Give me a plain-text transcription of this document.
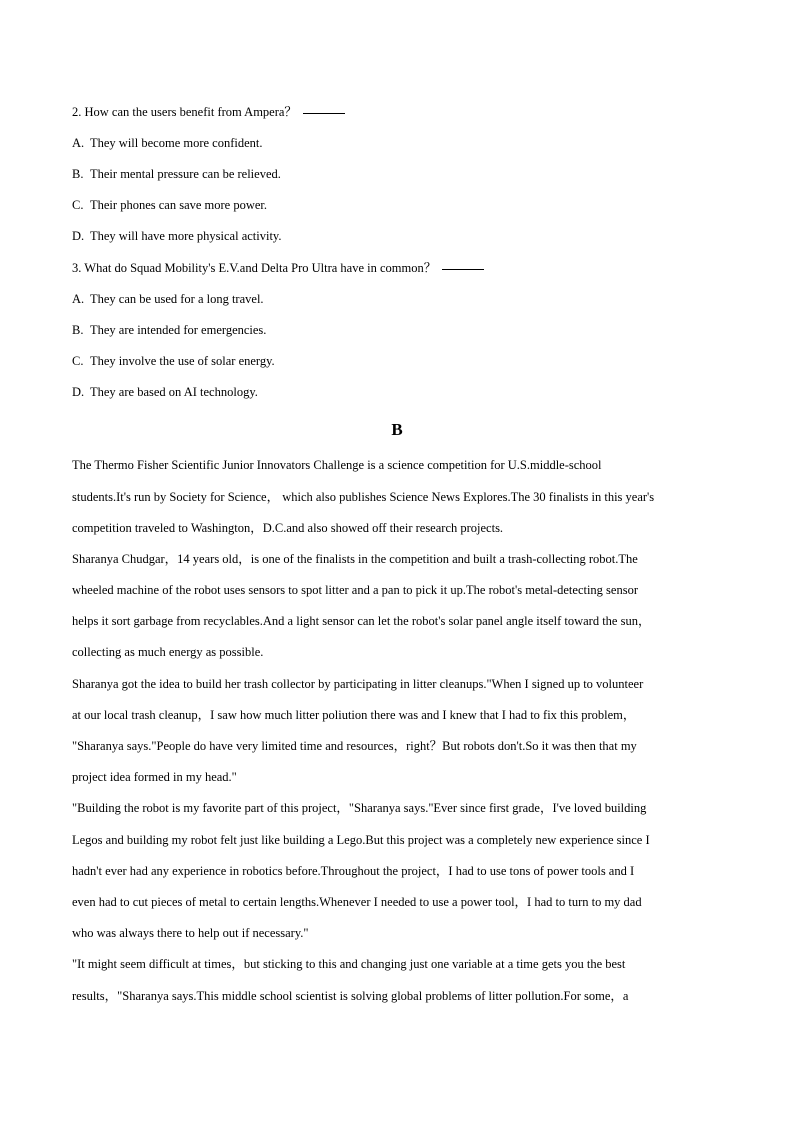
2. How can the users benefit from Ampera？
A. They will become more confident.
B. Their mental pressure can be relieved.
C. Their phones can save more power.
D. They will have more physical activity.
3. What do Squad Mobility's E.V.and Delta Pro Ultra have in common？
A. They can be used for a long travel.
B. They are intended for emergencies.
C. They involve the use of solar energy.
D. They are based on AI technology.
B
The Thermo Fisher Scientific Junior Innovators Challenge is a science competition for U.S.middle-school
students.It's run by Society for Science， which also publishes Science News Explores.The 30 finalists in this year's
competition traveled to Washington，D.C.and also showed off their research projects.
Sharanya Chudgar，14 years old，is one of the finalists in the competition and built a trash-collecting robot.The
wheeled machine of the robot uses sensors to spot litter and a pan to pick it up.The robot's metal-detecting sensor
helps it sort garbage from recyclables.And a light sensor can let the robot's solar panel angle itself toward the sun，
collecting as much energy as possible.
Sharanya got the idea to build her trash collector by participating in litter cleanups."When I signed up to volunteer
at our local trash cleanup，I saw how much litter poliution there was and I knew that I had to fix this problem，
"Sharanya says."People do have very limited time and resources，right？But robots don't.So it was then that my
project idea formed in my head."
"Building the robot is my favorite part of this project，"Sharanya says."Ever since first grade，I've loved building
Legos and building my robot felt just like building a Lego.But this project was a completely new experience since I
hadn't ever had any experience in robotics before.Throughout the project，I had to use tons of power tools and I
even had to cut pieces of metal to certain lengths.Whenever I needed to use a power tool，I had to turn to my dad
who was always there to help out if necessary."
"It might seem difficult at times，but sticking to this and changing just one variable at a time gets you the best
results，"Sharanya says.This middle school scientist is solving global problems of litter pollution.For some，a
